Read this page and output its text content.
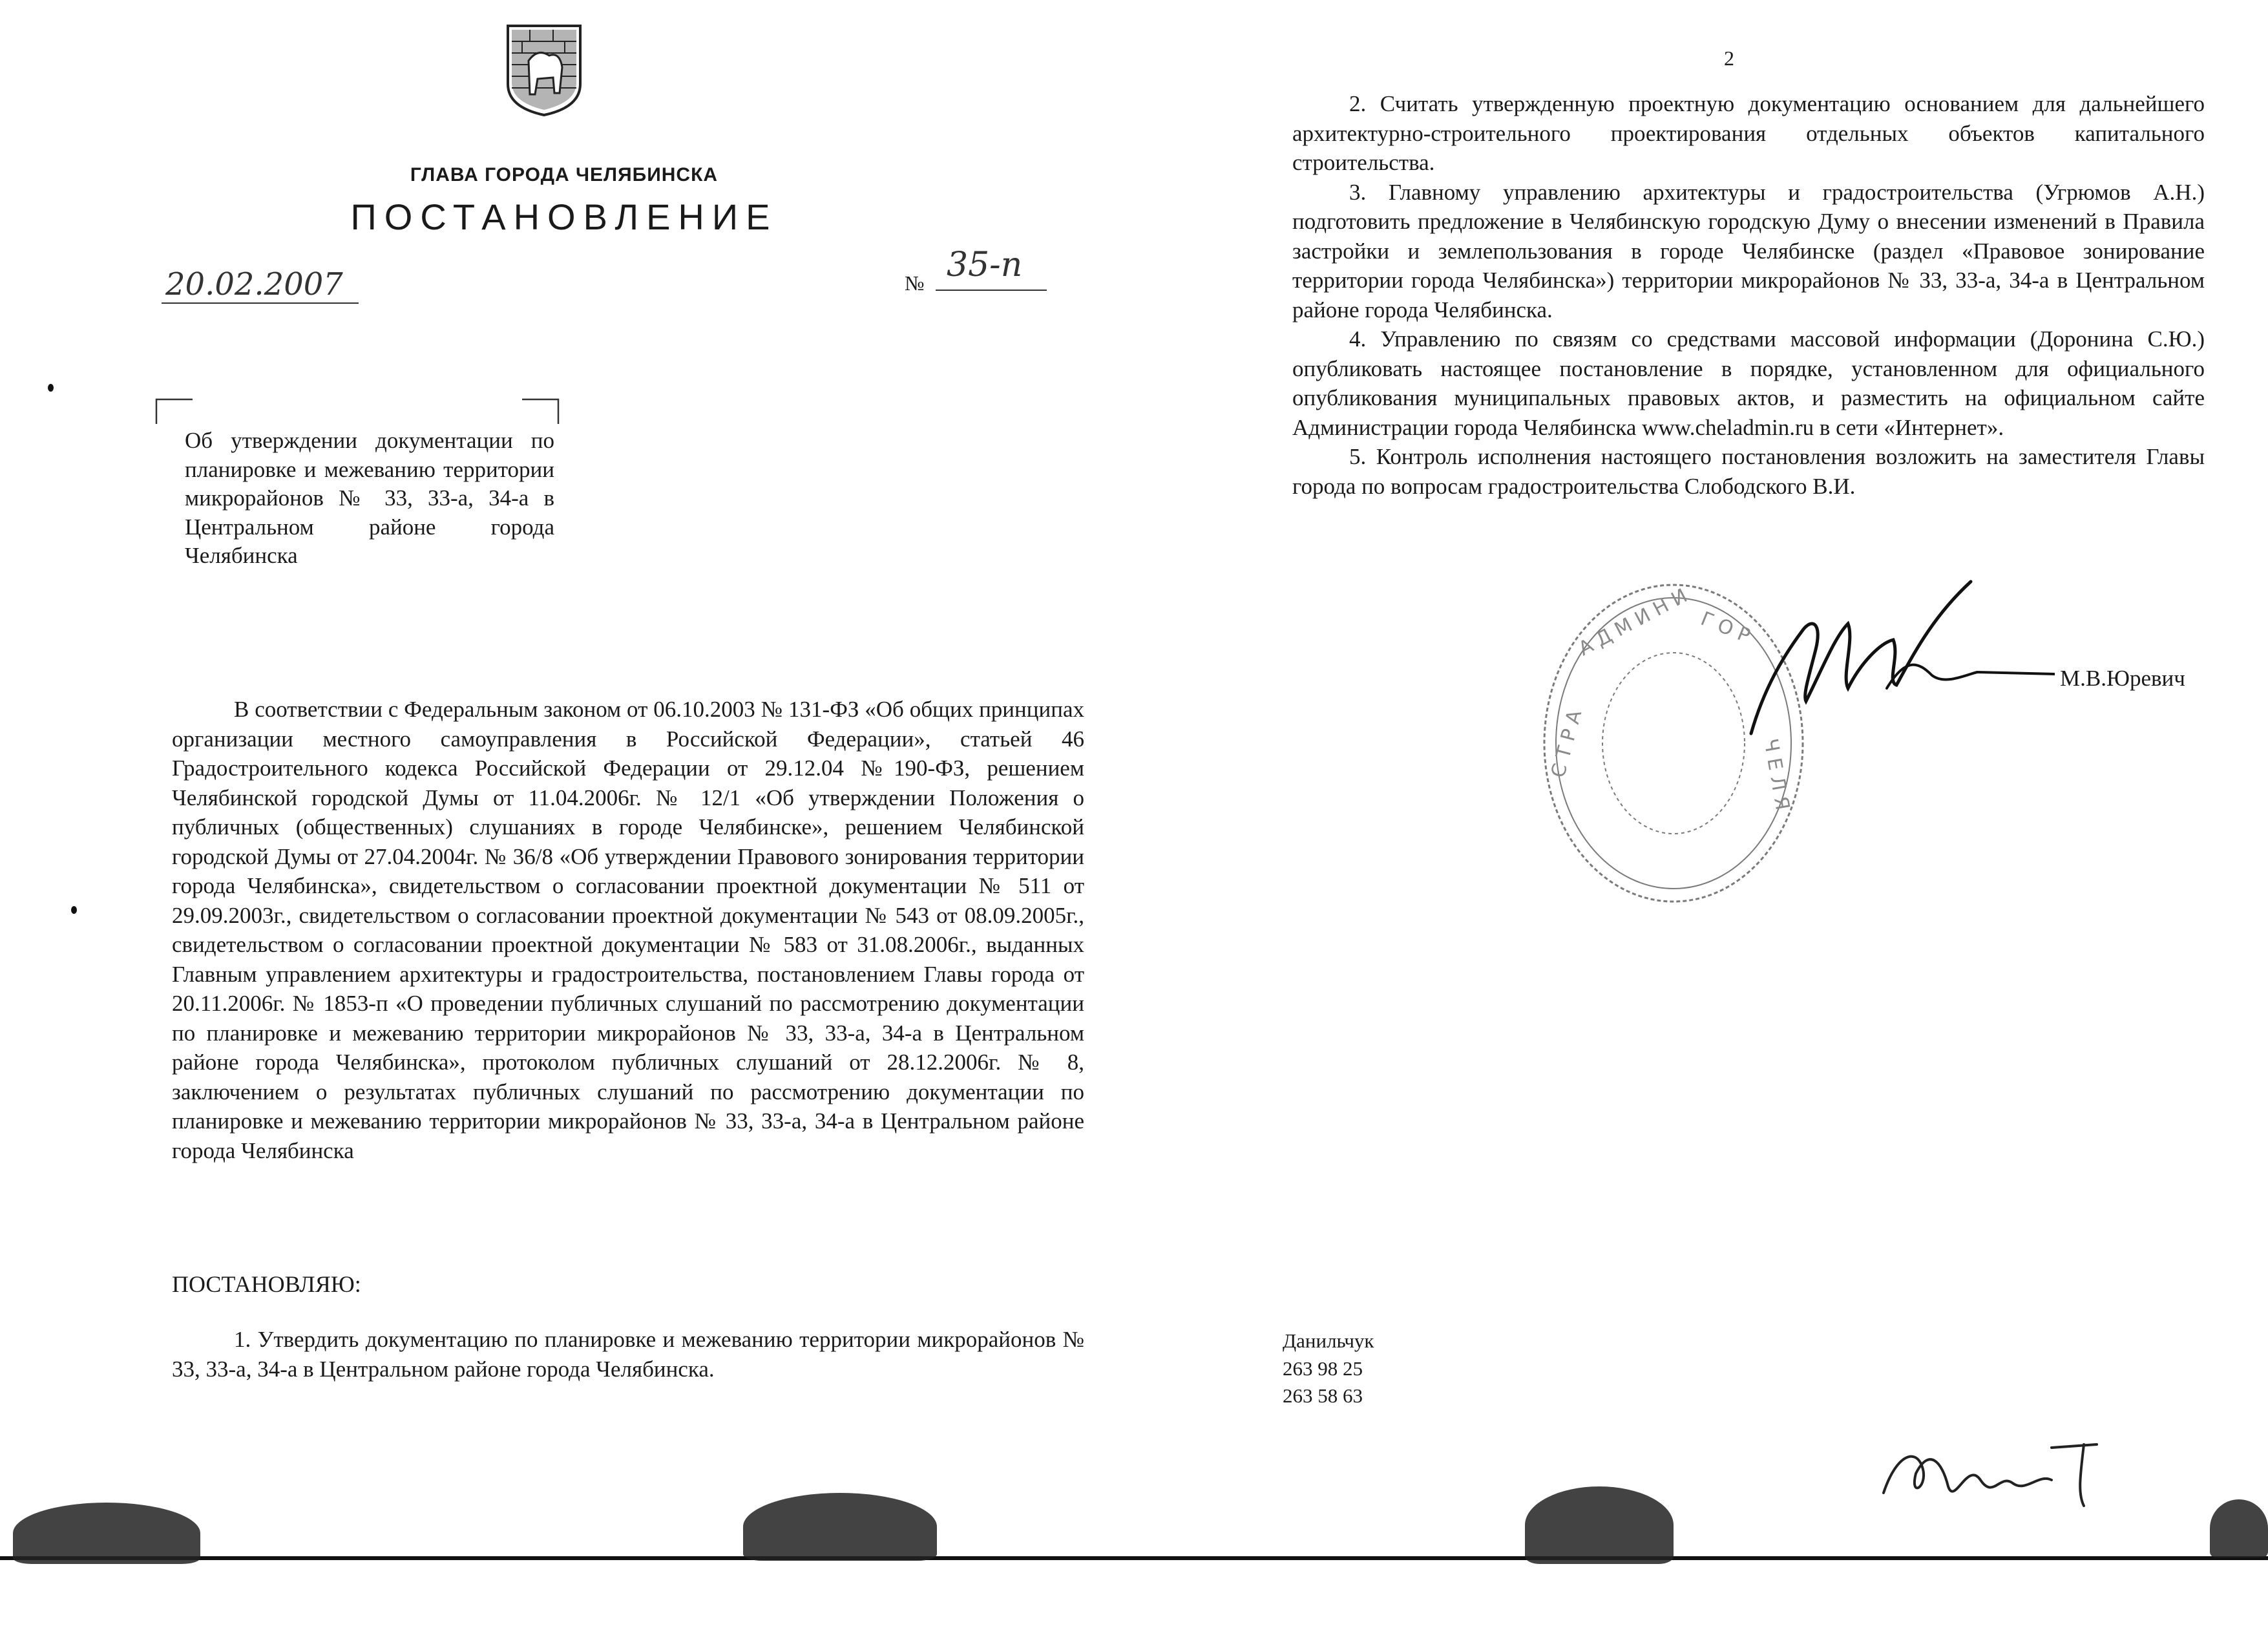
ГЛАВА ГОРОДА ЧЕЛЯБИНСКА
ПОСТАНОВЛЕНИЕ
20.02.2007	№ 35-п
Об утверждении документации по планировке и межеванию территории микрорайонов № 33, 33-а, 34-а в Центральном районе города Челябинска
В соответствии с Федеральным законом от 06.10.2003 № 131-ФЗ «Об общих принципах организации местного самоуправления в Российской Федерации», статьей 46 Градостроительного кодекса Российской Федерации от 29.12.04 №190-ФЗ, решением Челябинской городской Думы от 11.04.2006г. № 12/1 «Об утверждении Положения о публичных (общественных) слушаниях в городе Челябинске», решением Челябинской городской Думы от 27.04.2004г. № 36/8 «Об утверждении Правового зонирования территории города Челябинска», свидетельством о согласовании проектной документации № 511 от 29.09.2003г., свидетельством о согласовании проектной документации № 543 от 08.09.2005г., свидетельством о согласовании проектной документации № 583 от 31.08.2006г., выданных Главным управлением архитектуры и градостроительства, постановлением Главы города от 20.11.2006г. № 1853-п «О проведении публичных слушаний по рассмотрению документации по планировке и межеванию территории микрорайонов № 33, 33-а, 34-а в Центральном районе города Челябинска», протоколом публичных слушаний от 28.12.2006г. № 8, заключением о результатах публичных слушаний по рассмотрению документации по планировке и межеванию территории микрорайонов № 33, 33-а, 34-а в Центральном районе города Челябинска
ПОСТАНОВЛЯЮ:
1. Утвердить документацию по планировке и межеванию территории микрорайонов № 33, 33-а, 34-а в Центральном районе города Челябинска.
2
2. Считать утвержденную проектную документацию основанием для дальнейшего архитектурно-строительного проектирования отдельных объектов капитального строительства.
3. Главному управлению архитектуры и градостроительства (Угрюмов А.Н.) подготовить предложение в Челябинскую городскую Думу о внесении изменений в Правила застройки и землепользования в городе Челябинске (раздел «Правовое зонирование территории города Челябинска») территории микрорайонов № 33, 33-а, 34-а в Центральном районе города Челябинска.
4. Управлению по связям со средствами массовой информации (Доронина С.Ю.) опубликовать настоящее постановление в порядке, установленном для официального опубликования муниципальных правовых актов, и разместить на официальном сайте Администрации города Челябинска www.cheladmin.ru в сети «Интернет».
5. Контроль исполнения настоящего постановления возложить на заместителя Главы города по вопросам градостроительства Слободского В.И.
А Д М И Н И Г О Р
Ч Е Л Я
С Т Р А
М.В.Юревич
Данильчук
263 98 25
263 58 63
